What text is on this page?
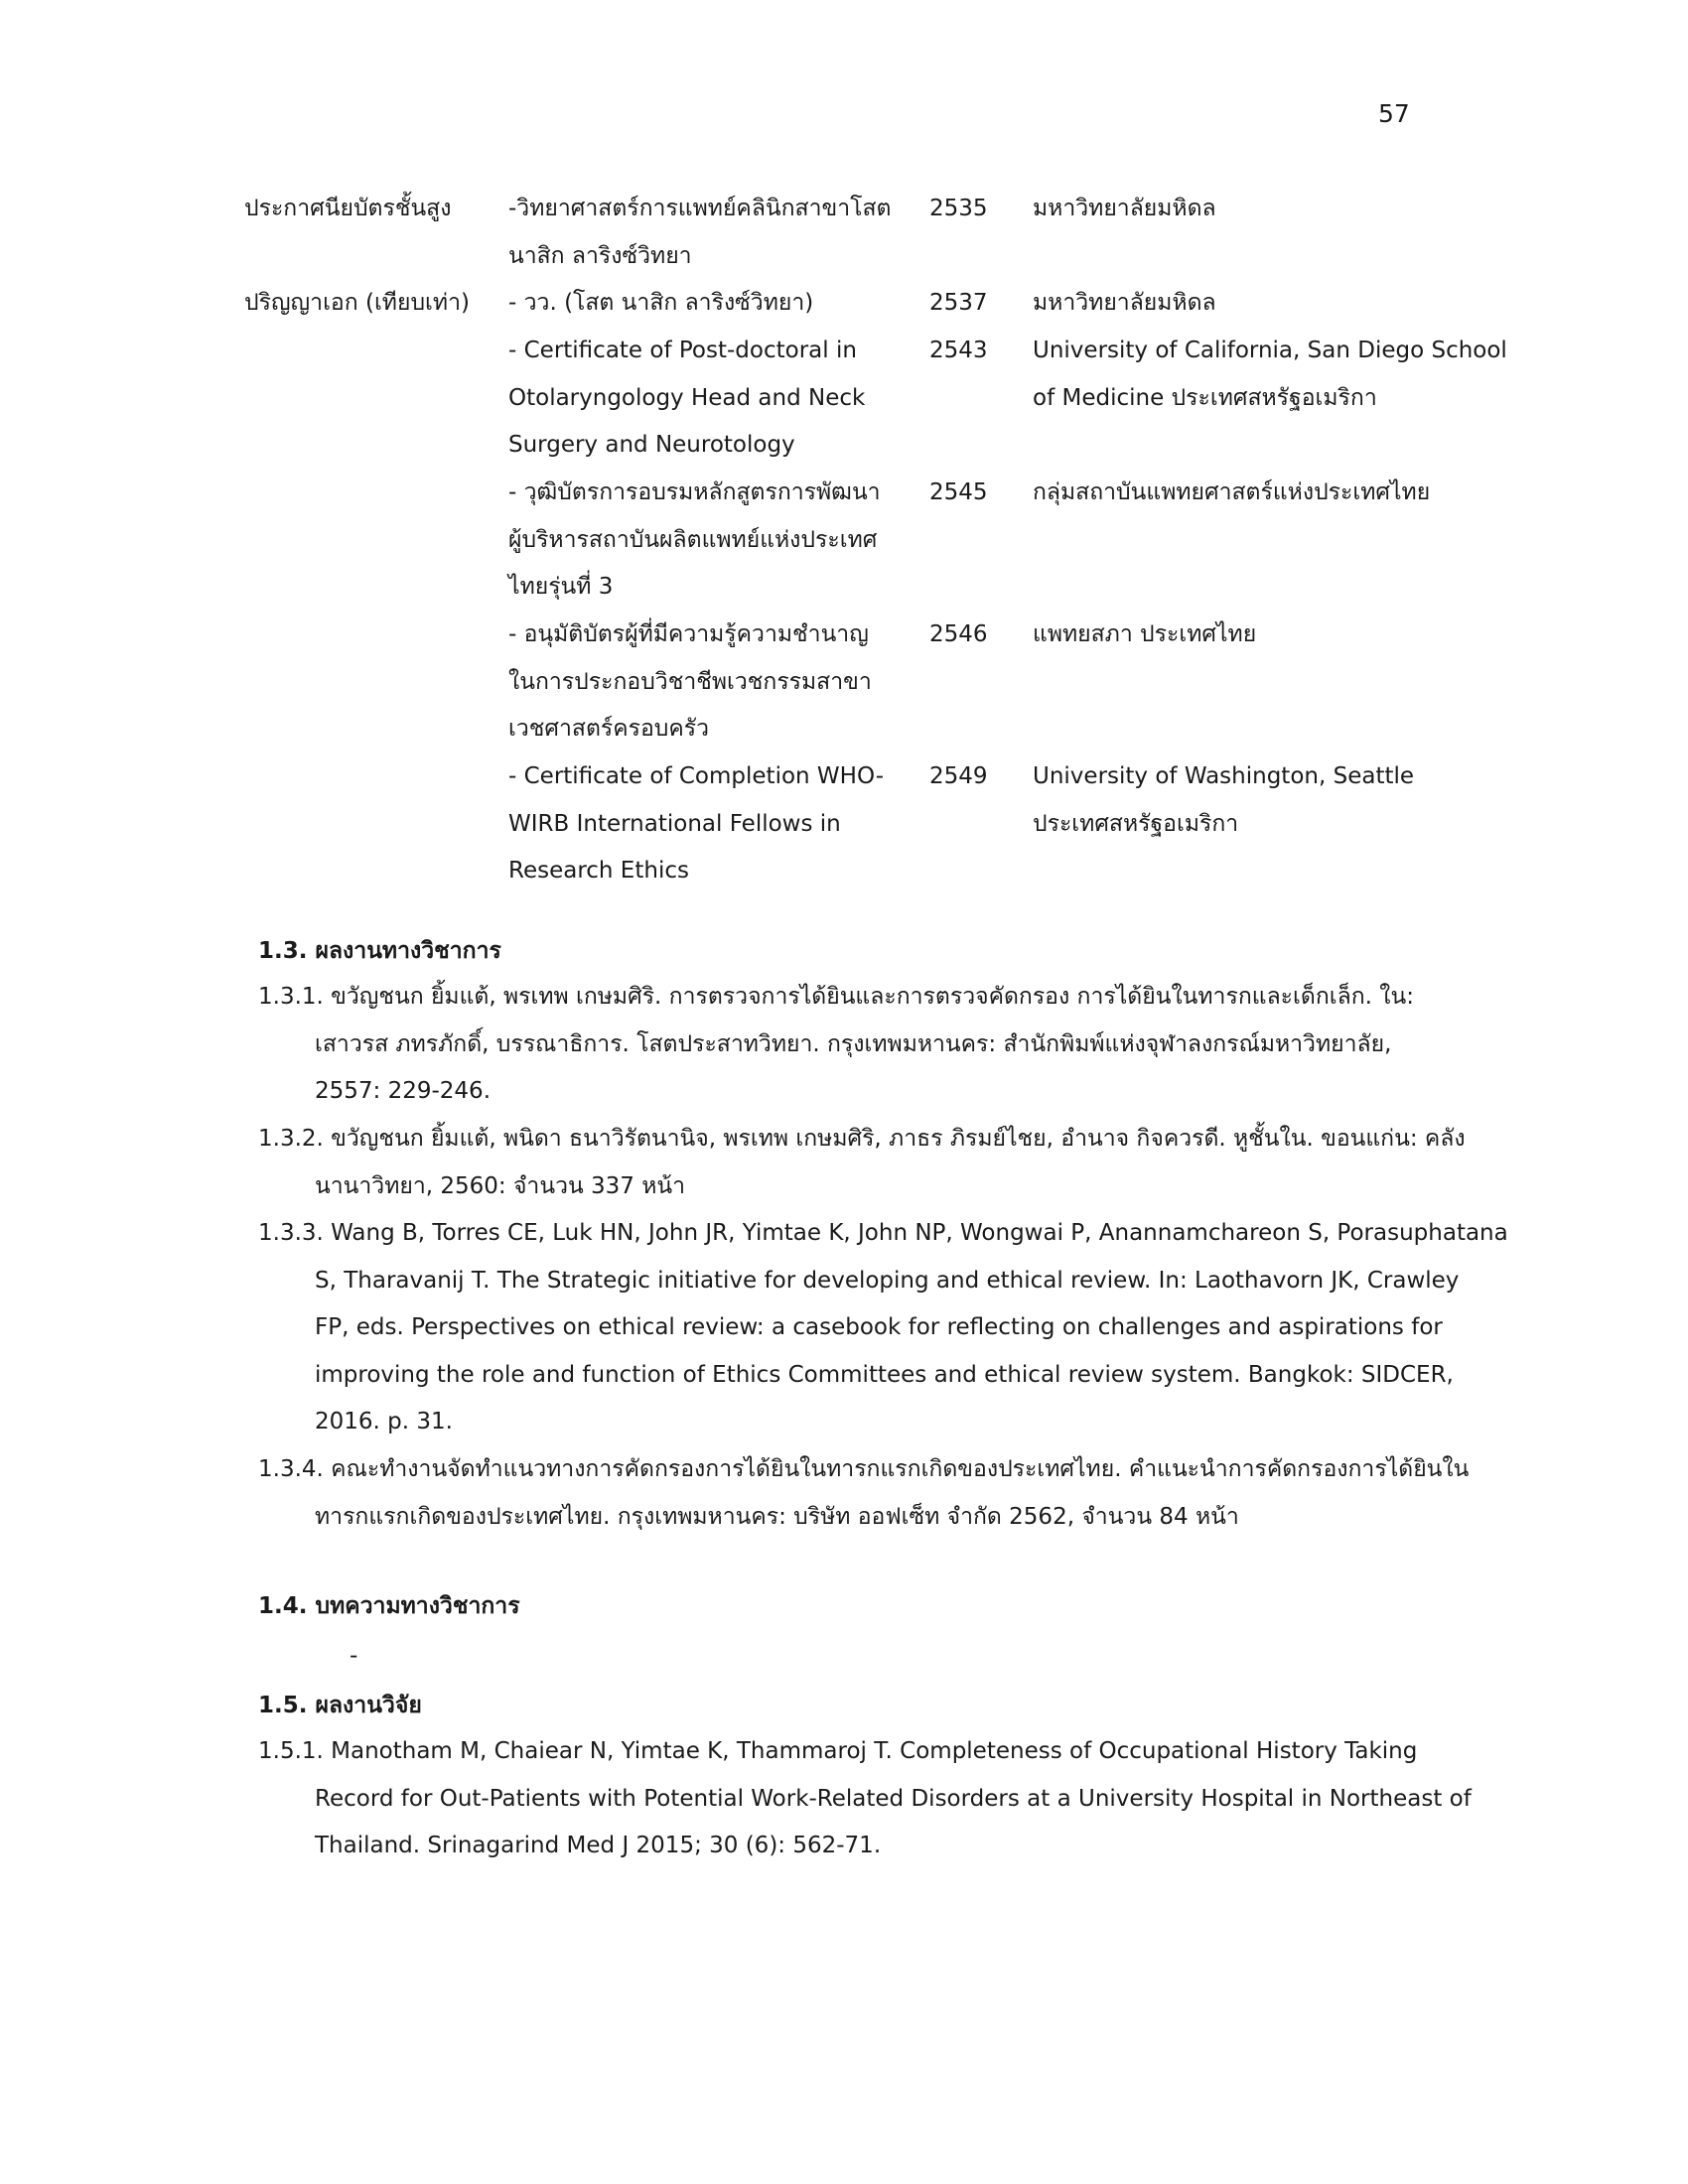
57
ประกาศนียบัตรชั้นสูง	-วิทยาศาสตร์การแพทย์คลินิกสาขาโสต
นาสิก ลาริงซ์วิทยา
2535 มหาวิทยาลัยมหิดล
ปริญญาเอก (เทียบเท่า) - วว. (โสต นาสิก ลาริงซ์วิทยา)	2537 มหาวิทยาลัยมหิดล
- Certificate of Post-doctoral in
Otolaryngology Head and Neck
Surgery and Neurotology
2543 University of California, San Diego School
of Medicine ประเทศสหรัฐอเมริกา
- วุฒิบัตรการอบรมหลักสูตรการพัฒนา
ผู้บริหารสถาบันผลิตแพทย์แห่งประเทศ
ไทยรุ่นที่ 3
2545 กลุ่มสถาบันแพทยศาสตร์แห่งประเทศไทย
- อนุมัติบัตรผู้ที่มีความรู้ความชำนาญ
ในการประกอบวิชาชีพเวชกรรมสาขา
เวชศาสตร์ครอบครัว
2546 แพทยสภา ประเทศไทย
- Certificate of Completion WHO-
WIRB International Fellows in
Research Ethics
2549 University of Washington, Seattle
ประเทศสหรัฐอเมริกา
1.3. ผลงานทางวิชาการ
1.3.1. ขวัญชนก ยิ้มแต้, พรเทพ เกษมศิริ. การตรวจการได้ยินและการตรวจคัดกรอง การได้ยินในทารกและเด็กเล็ก. ใน:
เสาวรส ภทรภักดิ์, บรรณาธิการ. โสตประสาทวิทยา. กรุงเทพมหานคร: สำนักพิมพ์แห่งจุฬาลงกรณ์มหาวิทยาลัย,
2557: 229-246.
1.3.2. ขวัญชนก ยิ้มแต้, พนิดา ธนาวิรัตนานิจ, พรเทพ เกษมศิริ, ภาธร ภิรมย์ไชย, อำนาจ กิจควรดี. หูชั้นใน. ขอนแก่น: คลัง
นานาวิทยา, 2560: จำนวน 337 หน้า
1.3.3. Wang B, Torres CE, Luk HN, John JR, Yimtae K, John NP, Wongwai P, Anannamchareon S, Porasuphatana
S, Tharavanij T. The Strategic initiative for developing and ethical review. In: Laothavorn JK, Crawley
FP, eds. Perspectives on ethical review: a casebook for reflecting on challenges and aspirations for
improving the role and function of Ethics Committees and ethical review system. Bangkok: SIDCER,
2016. p. 31.
1.3.4. คณะทำงานจัดทำแนวทางการคัดกรองการได้ยินในทารกแรกเกิดของประเทศไทย. คำแนะนำการคัดกรองการได้ยินใน
ทารกแรกเกิดของประเทศไทย. กรุงเทพมหานคร: บริษัท ออฟเซ็ท จำกัด 2562, จำนวน 84 หน้า
1.4. บทความทางวิชาการ
-
1.5. ผลงานวิจัย
1.5.1. Manotham M, Chaiear N, Yimtae K, Thammaroj T. Completeness of Occupational History Taking
Record for Out-Patients with Potential Work-Related Disorders at a University Hospital in Northeast of
Thailand. Srinagarind Med J 2015; 30 (6): 562-71.
